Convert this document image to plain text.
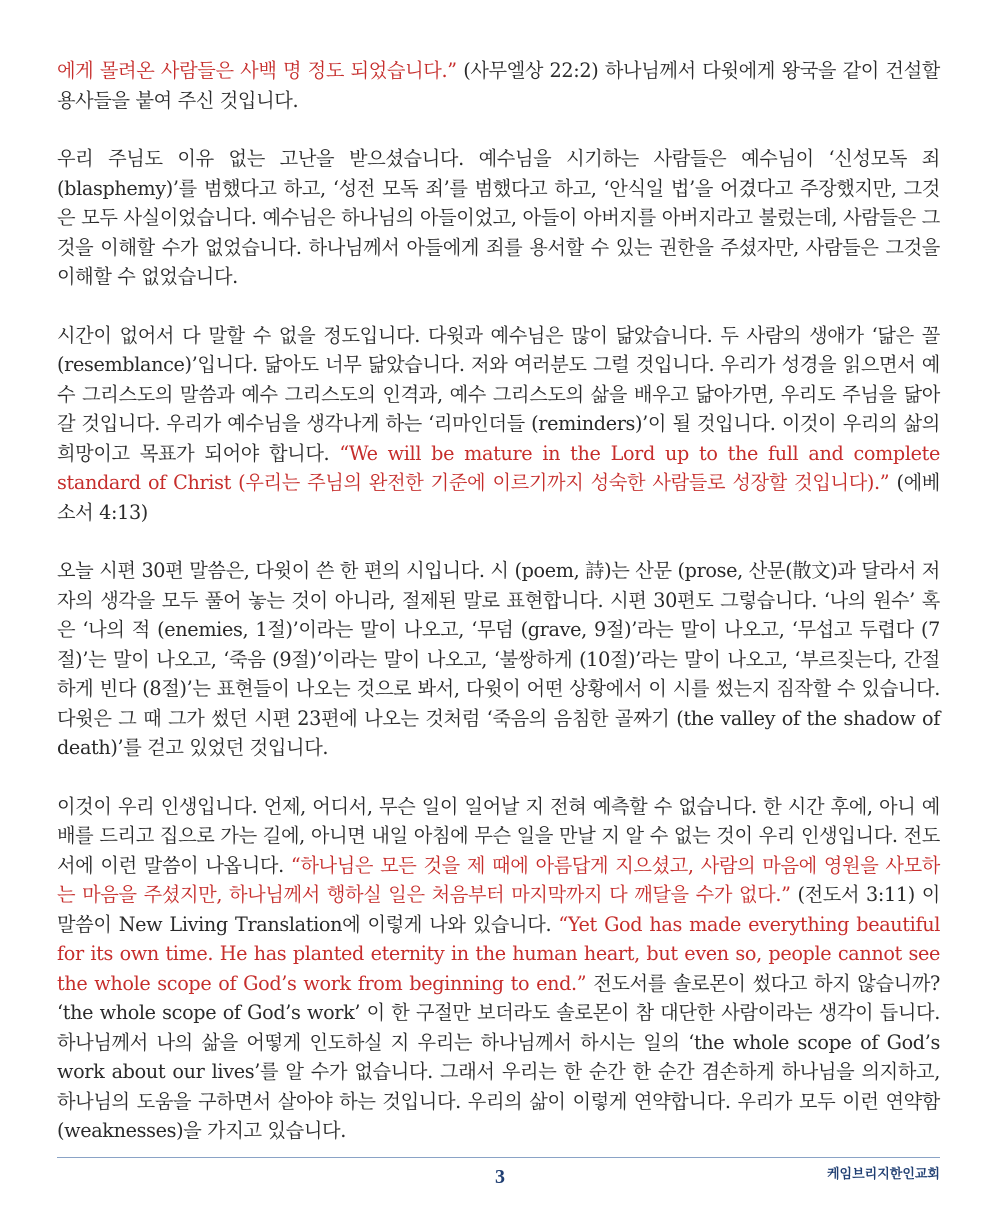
에게 몰려온 사람들은 사백 명 정도 되었습니다.” (사무엘상 22:2) 하나님께서 다윗에게 왕국을 같이 건설할 용사들을 붙여 주신 것입니다.

우리 주님도 이유 없는 고난을 받으셨습니다. 예수님을 시기하는 사람들은 예수님이 ‘신성모독 죄 (blasphemy)’를 범했다고 하고, ‘성전 모독 죄’를 범했다고 하고, ‘안식일 법’을 어겼다고 주장했지만, 그것은 모두 사실이었습니다. 예수님은 하나님의 아들이었고, 아들이 아버지를 아버지라고 불렀는데, 사람들은 그것을 이해할 수가 없었습니다. 하나님께서 아들에게 죄를 용서할 수 있는 권한을 주셨자만, 사람들은 그것을 이해할 수 없었습니다.

시간이 없어서 다 말할 수 없을 정도입니다. 다윗과 예수님은 많이 닮았습니다. 두 사람의 생애가 ‘닮은 꼴 (resemblance)’입니다. 닮아도 너무 닮았습니다. 저와 여러분도 그럴 것입니다. 우리가 성경을 읽으면서 예수 그리스도의 말씀과 예수 그리스도의 인격과, 예수 그리스도의 삶을 배우고 닮아가면, 우리도 주님을 닮아갈 것입니다. 우리가 예수님을 생각나게 하는 ‘리마인더들 (reminders)’이 될 것입니다. 이것이 우리의 삶의 희망이고 목표가 되어야 합니다. “We will be mature in the Lord up to the full and complete standard of Christ (우리는 주님의 완전한 기준에 이르기까지 성숙한 사람들로 성장할 것입니다).” (에베소서 4:13)

오늘 시편 30편 말씀은, 다윗이 쓴 한 편의 시입니다. 시 (poem, 詩)는 산문 (prose, 산문(散文)과 달라서 저자의 생각을 모두 풀어 놓는 것이 아니라, 절제된 말로 표현합니다. 시편 30편도 그렇습니다. ‘나의 원수’ 혹은 ‘나의 적 (enemies, 1절)’이라는 말이 나오고, ‘무덤 (grave, 9절)’라는 말이 나오고, ‘무섭고 두렵다 (7절)’는 말이 나오고, ‘죽음 (9절)’이라는 말이 나오고, ‘불쌍하게 (10절)’라는 말이 나오고, ‘부르짖는다, 간절하게 빈다 (8절)’는 표현들이 나오는 것으로 봐서, 다윗이 어떤 상황에서 이 시를 썼는지 짐작할 수 있습니다. 다윗은 그 때 그가 썼던 시편 23편에 나오는 것처럼 ‘죽음의 음침한 골짜기 (the valley of the shadow of death)’를 걷고 있었던 것입니다.

이것이 우리 인생입니다. 언제, 어디서, 무슨 일이 일어날 지 전혀 예측할 수 없습니다. 한 시간 후에, 아니 예배를 드리고 집으로 가는 길에, 아니면 내일 아침에 무슨 일을 만날 지 알 수 없는 것이 우리 인생입니다. 전도서에 이런 말씀이 나옵니다. “하나님은 모든 것을 제 때에 아름답게 지으셨고, 사람의 마음에 영원을 사모하는 마음을 주셨지만, 하나님께서 행하실 일은 처음부터 마지막까지 다 깨달을 수가 없다.” (전도서 3:11) 이 말씀이 New Living Translation에 이렇게 나와 있습니다. “Yet God has made everything beautiful for its own time. He has planted eternity in the human heart, but even so, people cannot see the whole scope of God’s work from beginning to end.” 전도서를 솔로몬이 썼다고 하지 않습니까? ‘the whole scope of God’s work’ 이 한 구절만 보더라도 솔로몬이 참 대단한 사람이라는 생각이 듭니다. 하나님께서 나의 삶을 어떻게 인도하실 지 우리는 하나님께서 하시는 일의 ‘the whole scope of God’s work about our lives’를 알 수가 없습니다. 그래서 우리는 한 순간 한 순간 겸손하게 하나님을 의지하고, 하나님의 도움을 구하면서 살아야 하는 것입니다. 우리의 삶이 이렇게 연약합니다. 우리가 모두 이런 연약함 (weaknesses)을 가지고 있습니다.

3	케임브리지한인교회
